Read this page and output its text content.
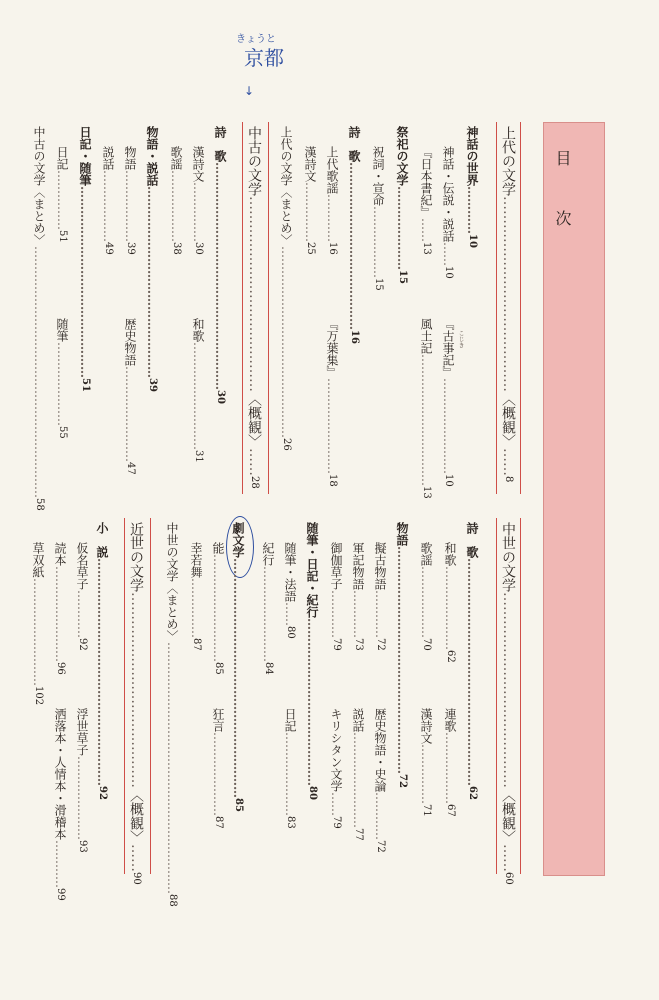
目　次
きょうと
京都
↓
上代の文学……………………………………〈概観〉……8
神話の世界…………10
神話・伝説・説話……10
『古事記』……………………10
こじき
『日本書紀』……13
風土記……………………………13
祭祀の文学…………………15
祝詞・宣命………………15
詩　歌……………………………………16
上代歌謡…………16
『万葉集』……………………18
漢詩文……………25
上代の文学〈まとめ〉…………………………………………26
中古の文学……………………………………〈概観〉……28
詩　歌…………………………………………………30
漢詩文……………30
和歌………………………31
歌謡………………38
物語・説話…………………………………………39
物語………………39
歴史物語……………………47
説話………………49
日記・随筆…………………………………………51
日記……………51
随筆…………………55
中古の文学〈まとめ〉………………………………………………………58
中世の文学……………………………………〈概観〉……60
詩　歌…………………………………………………62
和歌…………………62
連歌………………67
歌謡………………70
漢詩文……………71
物語…………………………………………………72
擬古物語…………72
歴史物語・史論…………72
軍記物語…………73
説話……………………77
御伽草子…………79
キリシタン文学……79
随筆・日記・紀行……………………………………80
随筆・法語……80
日記…………………83
紀行……………………84
劇文学……………………………………………………85
能………………………85
狂言…………………87
幸若舞……………87
中世の文学〈まとめ〉………………………………………………………88
近世の文学……………………………………〈概観〉……90
小　説…………………………………………………92
仮名草子…………92
浮世草子…………………93
読本……………………96
洒落本・人情本・滑稽本…………99
草双紙………………………102
